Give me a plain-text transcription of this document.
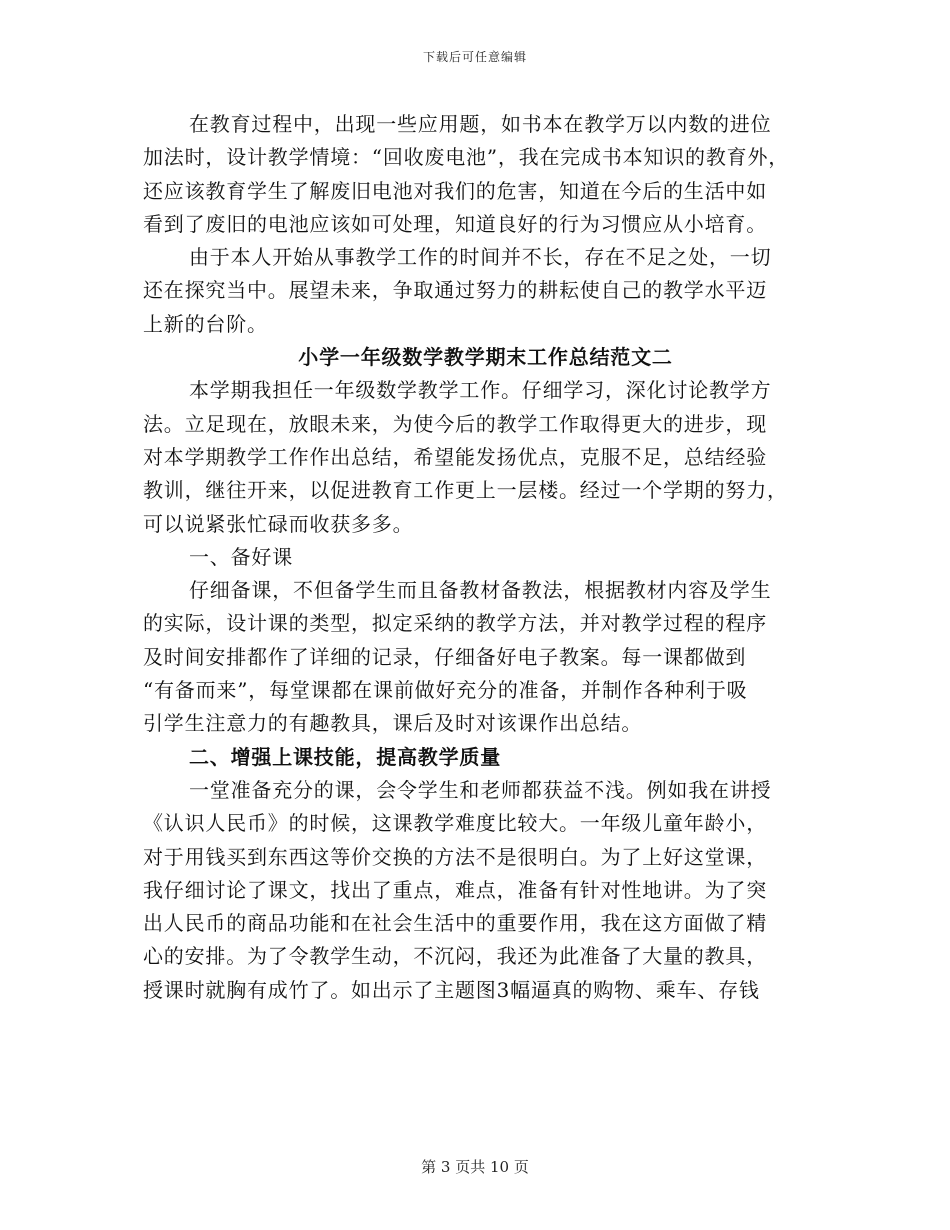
下载后可任意编辑
在教育过程中，出现一些应用题，如书本在教学万以内数的进位
加法时，设计教学情境：“回收废电池”，我在完成书本知识的教育外，
还应该教育学生了解废旧电池对我们的危害，知道在今后的生活中如
看到了废旧的电池应该如可处理，知道良好的行为习惯应从小培育。
由于本人开始从事教学工作的时间并不长，存在不足之处，一切
还在探究当中。展望未来，争取通过努力的耕耘使自己的教学水平迈
上新的台阶。
小学一年级数学教学期末工作总结范文二
本学期我担任一年级数学教学工作。仔细学习，深化讨论教学方
法。立足现在，放眼未来，为使今后的教学工作取得更大的进步，现
对本学期教学工作作出总结，希望能发扬优点，克服不足，总结经验
教训，继往开来，以促进教育工作更上一层楼。经过一个学期的努力，
可以说紧张忙碌而收获多多。
一、备好课
仔细备课，不但备学生而且备教材备教法，根据教材内容及学生
的实际，设计课的类型，拟定采纳的教学方法，并对教学过程的程序
及时间安排都作了详细的记录，仔细备好电子教案。每一课都做到
“有备而来”，每堂课都在课前做好充分的准备，并制作各种利于吸
引学生注意力的有趣教具，课后及时对该课作出总结。
二、增强上课技能，提高教学质量
一堂准备充分的课，会令学生和老师都获益不浅。例如我在讲授
《认识人民币》的时候，这课教学难度比较大。一年级儿童年龄小，
对于用钱买到东西这等价交换的方法不是很明白。为了上好这堂课，
我仔细讨论了课文，找出了重点，难点，准备有针对性地讲。为了突
出人民币的商品功能和在社会生活中的重要作用，我在这方面做了精
心的安排。为了令教学生动，不沉闷，我还为此准备了大量的教具，
授课时就胸有成竹了。如出示了主题图3幅逼真的购物、乘车、存钱
第 3 页共 10 页
